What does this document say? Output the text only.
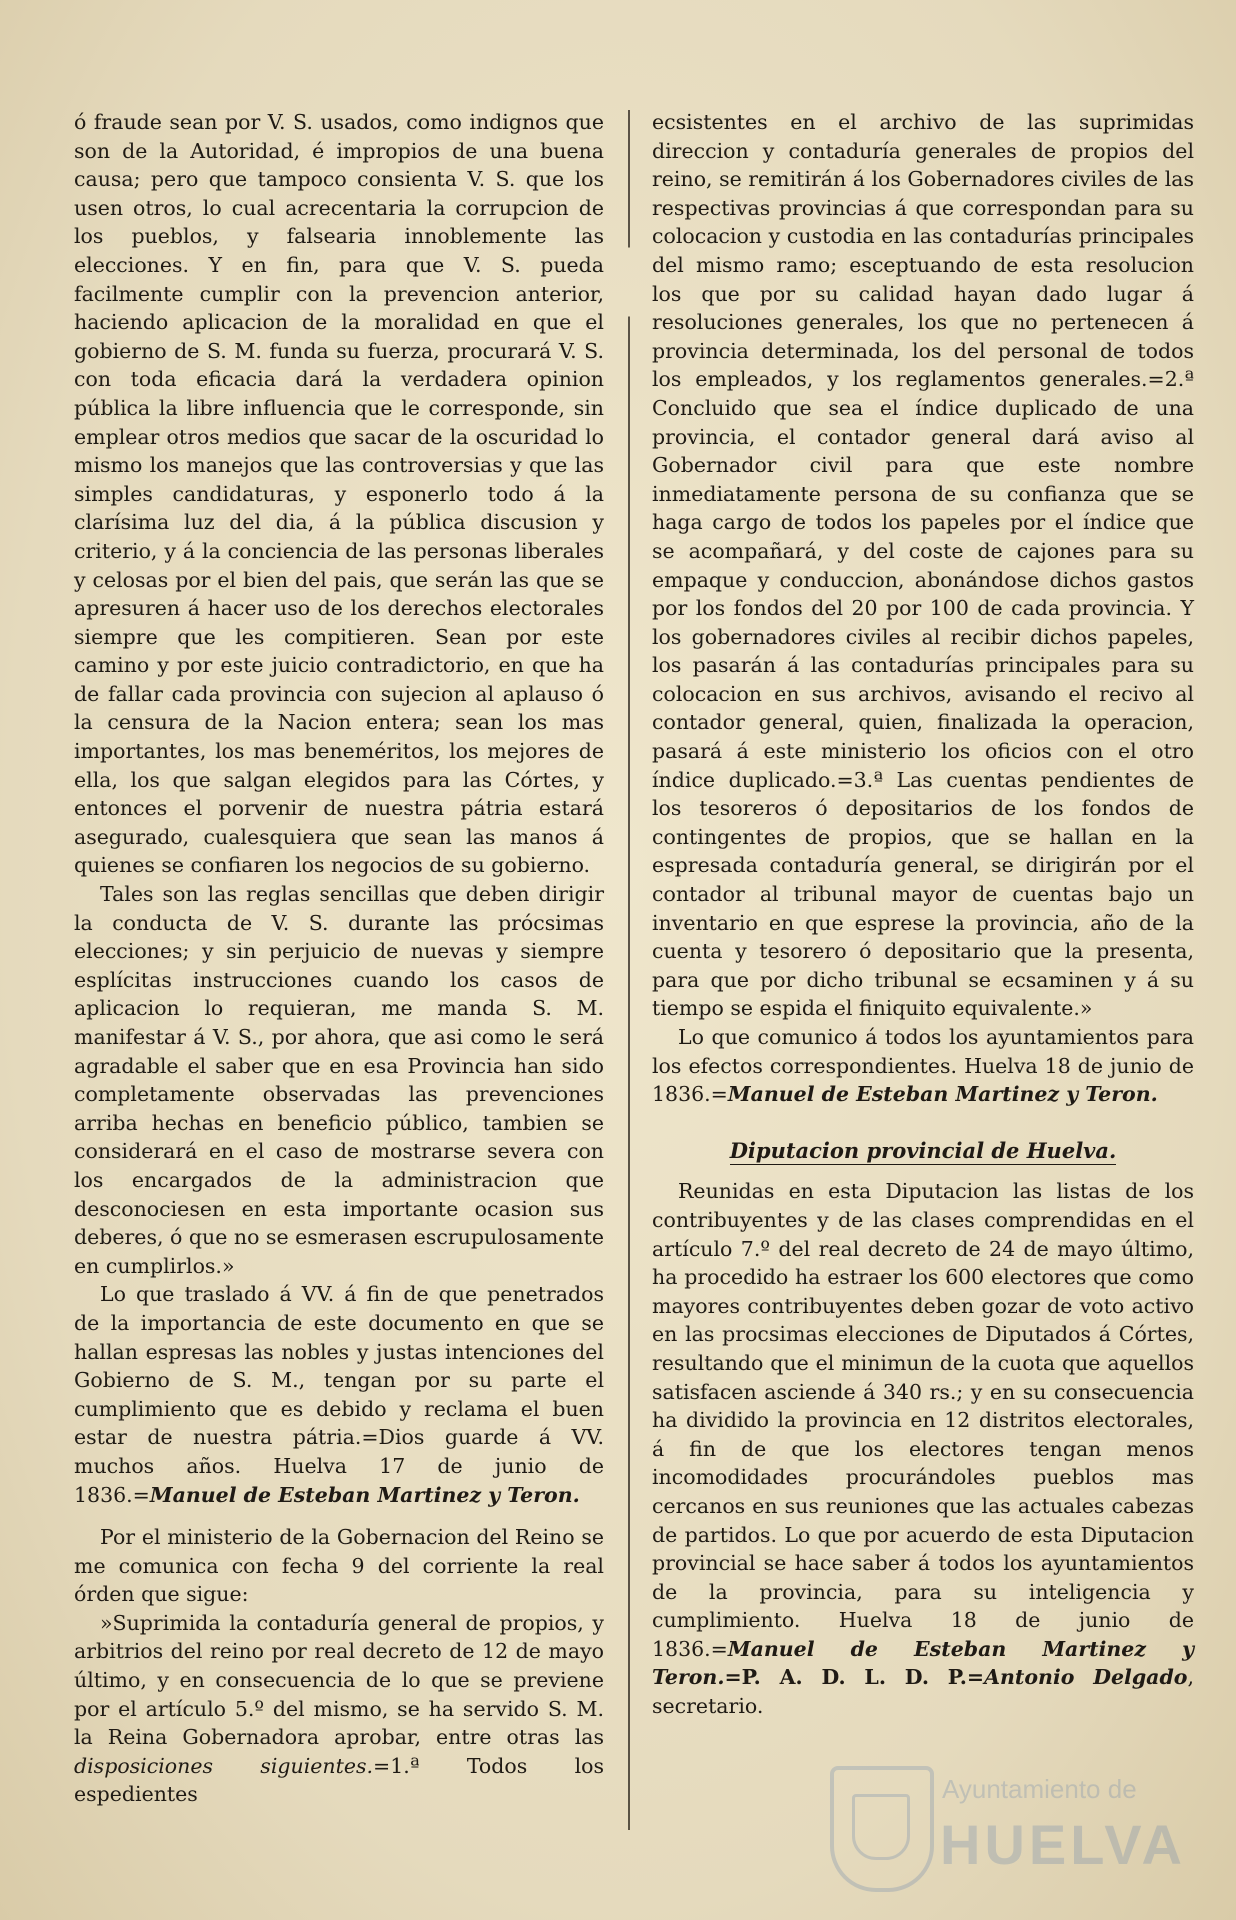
ó fraude sean por V. S. usados, como indignos que son de la Autoridad, é impropios de una buena causa; pero que tampoco consienta V. S. que los usen otros, lo cual acrecentaria la corrupcion de los pueblos, y falsearia innoblemente las elecciones. Y en fin, para que V. S. pueda facilmente cumplir con la prevencion anterior, haciendo aplicacion de la moralidad en que el gobierno de S. M. funda su fuerza, procurará V. S. con toda eficacia dará la verdadera opinion pública la libre influencia que le corresponde, sin emplear otros medios que sacar de la oscuridad lo mismo los manejos que las controversias y que las simples candidaturas, y esponerlo todo á la clarísima luz del dia, á la pública discusion y criterio, y á la conciencia de las personas liberales y celosas por el bien del pais, que serán las que se apresuren á hacer uso de los derechos electorales siempre que les compitieren. Sean por este camino y por este juicio contradictorio, en que ha de fallar cada provincia con sujecion al aplauso ó la censura de la Nacion entera; sean los mas importantes, los mas beneméritos, los mejores de ella, los que salgan elegidos para las Córtes, y entonces el porvenir de nuestra pátria estará asegurado, cualesquiera que sean las manos á quienes se confiaren los negocios de su gobierno.

Tales son las reglas sencillas que deben dirigir la conducta de V. S. durante las prócsimas elecciones; y sin perjuicio de nuevas y siempre esplícitas instrucciones cuando los casos de aplicacion lo requieran, me manda S. M. manifestar á V. S., por ahora, que asi como le será agradable el saber que en esa Provincia han sido completamente observadas las prevenciones arriba hechas en beneficio público, tambien se considerará en el caso de mostrarse severa con los encargados de la administracion que desconociesen en esta importante ocasion sus deberes, ó que no se esmerasen escrupulosamente en cumplirlos.»

Lo que traslado á VV. á fin de que penetrados de la importancia de este documento en que se hallan espresas las nobles y justas intenciones del Gobierno de S. M., tengan por su parte el cumplimiento que es debido y reclama el buen estar de nuestra pátria.=Dios guarde á VV. muchos años. Huelva 17 de junio de 1836.=Manuel de Esteban Martinez y Teron.

Por el ministerio de la Gobernacion del Reino se me comunica con fecha 9 del corriente la real órden que sigue:

»Suprimida la contaduría general de propios, y arbitrios del reino por real decreto de 12 de mayo último, y en consecuencia de lo que se previene por el artículo 5.º del mismo, se ha servido S. M. la Reina Gobernadora aprobar, entre otras las disposiciones siguientes.=1.ª Todos los espedientes

ecsistentes en el archivo de las suprimidas direccion y contaduría generales de propios del reino, se remitirán á los Gobernadores civiles de las respectivas provincias á que correspondan para su colocacion y custodia en las contadurías principales del mismo ramo; esceptuando de esta resolucion los que por su calidad hayan dado lugar á resoluciones generales, los que no pertenecen á provincia determinada, los del personal de todos los empleados, y los reglamentos generales.=2.ª Concluido que sea el índice duplicado de una provincia, el contador general dará aviso al Gobernador civil para que este nombre inmediatamente persona de su confianza que se haga cargo de todos los papeles por el índice que se acompañará, y del coste de cajones para su empaque y conduccion, abonándose dichos gastos por los fondos del 20 por 100 de cada provincia. Y los gobernadores civiles al recibir dichos papeles, los pasarán á las contadurías principales para su colocacion en sus archivos, avisando el recivo al contador general, quien, finalizada la operacion, pasará á este ministerio los oficios con el otro índice duplicado.=3.ª Las cuentas pendientes de los tesoreros ó depositarios de los fondos de contingentes de propios, que se hallan en la espresada contaduría general, se dirigirán por el contador al tribunal mayor de cuentas bajo un inventario en que esprese la provincia, año de la cuenta y tesorero ó depositario que la presenta, para que por dicho tribunal se ecsaminen y á su tiempo se espida el finiquito equivalente.»

Lo que comunico á todos los ayuntamientos para los efectos correspondientes. Huelva 18 de junio de 1836.=Manuel de Esteban Martinez y Teron.

Diputacion provincial de Huelva.

Reunidas en esta Diputacion las listas de los contribuyentes y de las clases comprendidas en el artículo 7.º del real decreto de 24 de mayo último, ha procedido ha estraer los 600 electores que como mayores contribuyentes deben gozar de voto activo en las procsimas elecciones de Diputados á Córtes, resultando que el minimun de la cuota que aquellos satisfacen asciende á 340 rs.; y en su consecuencia ha dividido la provincia en 12 distritos electorales, á fin de que los electores tengan menos incomodidades procurándoles pueblos mas cercanos en sus reuniones que las actuales cabezas de partidos. Lo que por acuerdo de esta Diputacion provincial se hace saber á todos los ayuntamientos de la provincia, para su inteligencia y cumplimiento. Huelva 18 de junio de 1836.=Manuel de Esteban Martinez y Teron.=P. A. D. L. D. P.=Antonio Delgado, secretario.

Ayuntamiento de
HUELVA
